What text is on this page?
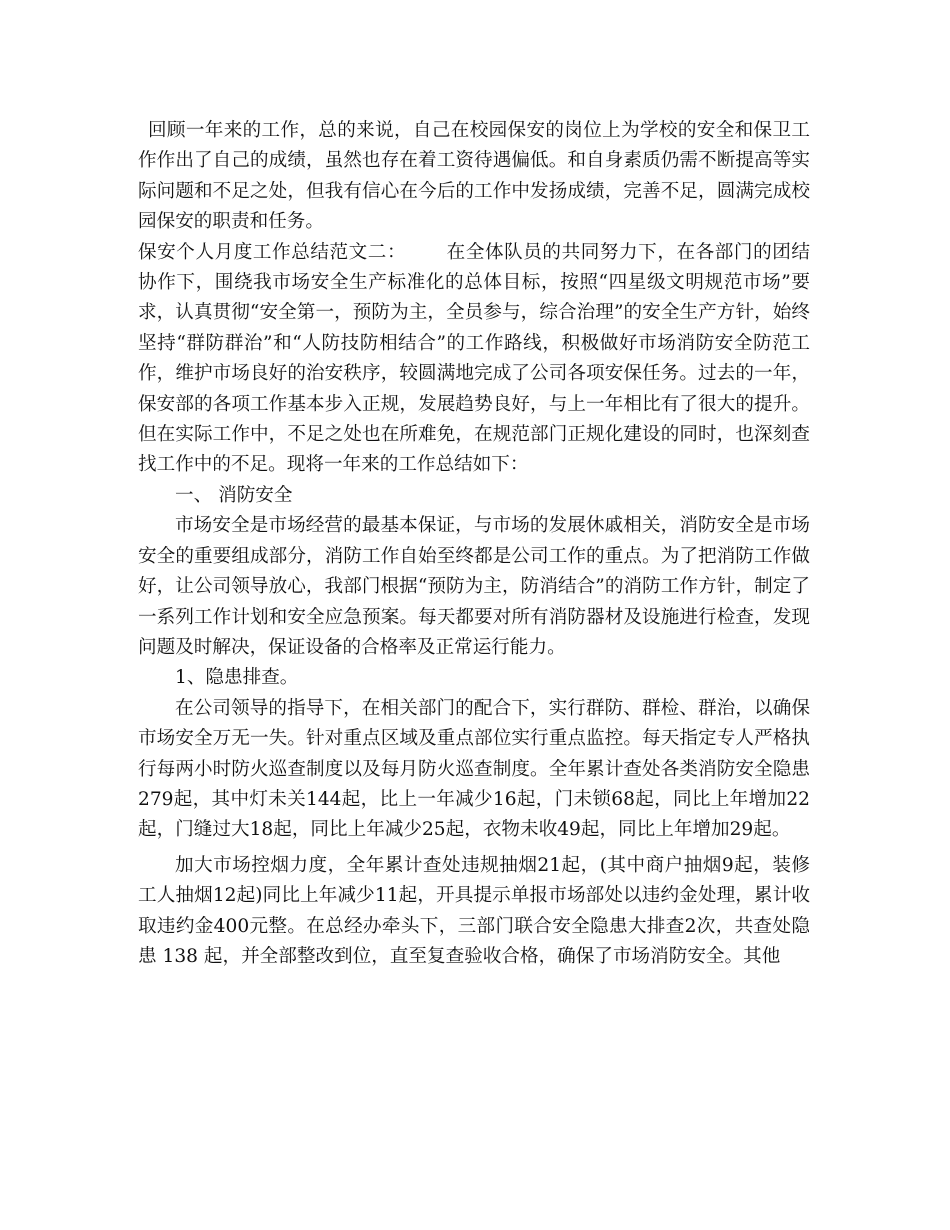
回顾一年来的工作，总的来说，自己在校园保安的岗位上为学校的安全和保卫工作作出了自己的成绩，虽然也存在着工资待遇偏低。和自身素质仍需不断提高等实际问题和不足之处，但我有信心在今后的工作中发扬成绩，完善不足，圆满完成校园保安的职责和任务。

保安个人月度工作总结范文二： 在全体队员的共同努力下，在各部门的团结协作下，围绕我市场安全生产标准化的总体目标，按照“四星级文明规范市场”要求，认真贯彻“安全第一，预防为主，全员参与，综合治理”的安全生产方针，始终坚持“群防群治”和“人防技防相结合”的工作路线，积极做好市场消防安全防范工作，维护市场良好的治安秩序，较圆满地完成了公司各项安保任务。过去的一年，保安部的各项工作基本步入正规，发展趋势良好，与上一年相比有了很大的提升。但在实际工作中，不足之处也在所难免，在规范部门正规化建设的同时，也深刻查找工作中的不足。现将一年来的工作总结如下：

一、 消防安全

市场安全是市场经营的最基本保证，与市场的发展休戚相关，消防安全是市场安全的重要组成部分，消防工作自始至终都是公司工作的重点。为了把消防工作做好，让公司领导放心，我部门根据“预防为主，防消结合”的消防工作方针，制定了一系列工作计划和安全应急预案。每天都要对所有消防器材及设施进行检查，发现问题及时解决，保证设备的合格率及正常运行能力。

1、隐患排查。

在公司领导的指导下，在相关部门的配合下，实行群防、群检、群治，以确保市场安全万无一失。针对重点区域及重点部位实行重点监控。每天指定专人严格执行每两小时防火巡查制度以及每月防火巡查制度。全年累计查处各类消防安全隐患279起，其中灯未关144起，比上一年减少16起，门未锁68起，同比上年增加22起，门缝过大18起，同比上年减少25起，衣物未收49起，同比上年增加29起。

加大市场控烟力度，全年累计查处违规抽烟21起，(其中商户抽烟9起，装修工人抽烟12起)同比上年减少11起，开具提示单报市场部处以违约金处理，累计收取违约金400元整。在总经办牵头下，三部门联合安全隐患大排查2次，共查处隐患 138 起，并全部整改到位，直至复查验收合格，确保了市场消防安全。其他
